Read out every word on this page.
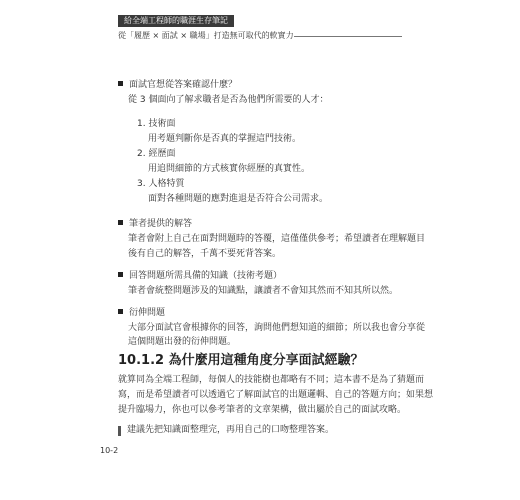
給全端工程師的職涯生存筆記
從「履歷 × 面試 × 職場」打造無可取代的軟實力
面試官想從答案確認什麼？
從 3 個面向了解求職者是否為他們所需要的人才：
1. 技術面
用考題判斷你是否真的掌握這門技術。
2. 經歷面
用追問細節的方式核實你經歷的真實性。
3. 人格特質
面對各種問題的應對進退是否符合公司需求。
筆者提供的解答
筆者會附上自己在面對問題時的答覆，這僅僅供參考；希望讀者在理解題目
後有自己的解答，千萬不要死背答案。
回答問題所需具備的知識（技術考題）
筆者會統整問題涉及的知識點，讓讀者不會知其然而不知其所以然。
衍伸問題
大部分面試官會根據你的回答，詢問他們想知道的細節；所以我也會分享從
10.1.2 為什麼用這種角度分享面試經驗？
就算同為全端工程師，每個人的技能樹也都略有不同；這本書不是為了猜題而
寫，而是希望讀者可以透過它了解面試官的出題邏輯、自己的答題方向；如果想
提升臨場力，你也可以參考筆者的文章架構，做出屬於自己的面試攻略。
建議先把知識面整理完，再用自己的口吻整理答案。
10-2
這個問題出發的衍伸問題。
